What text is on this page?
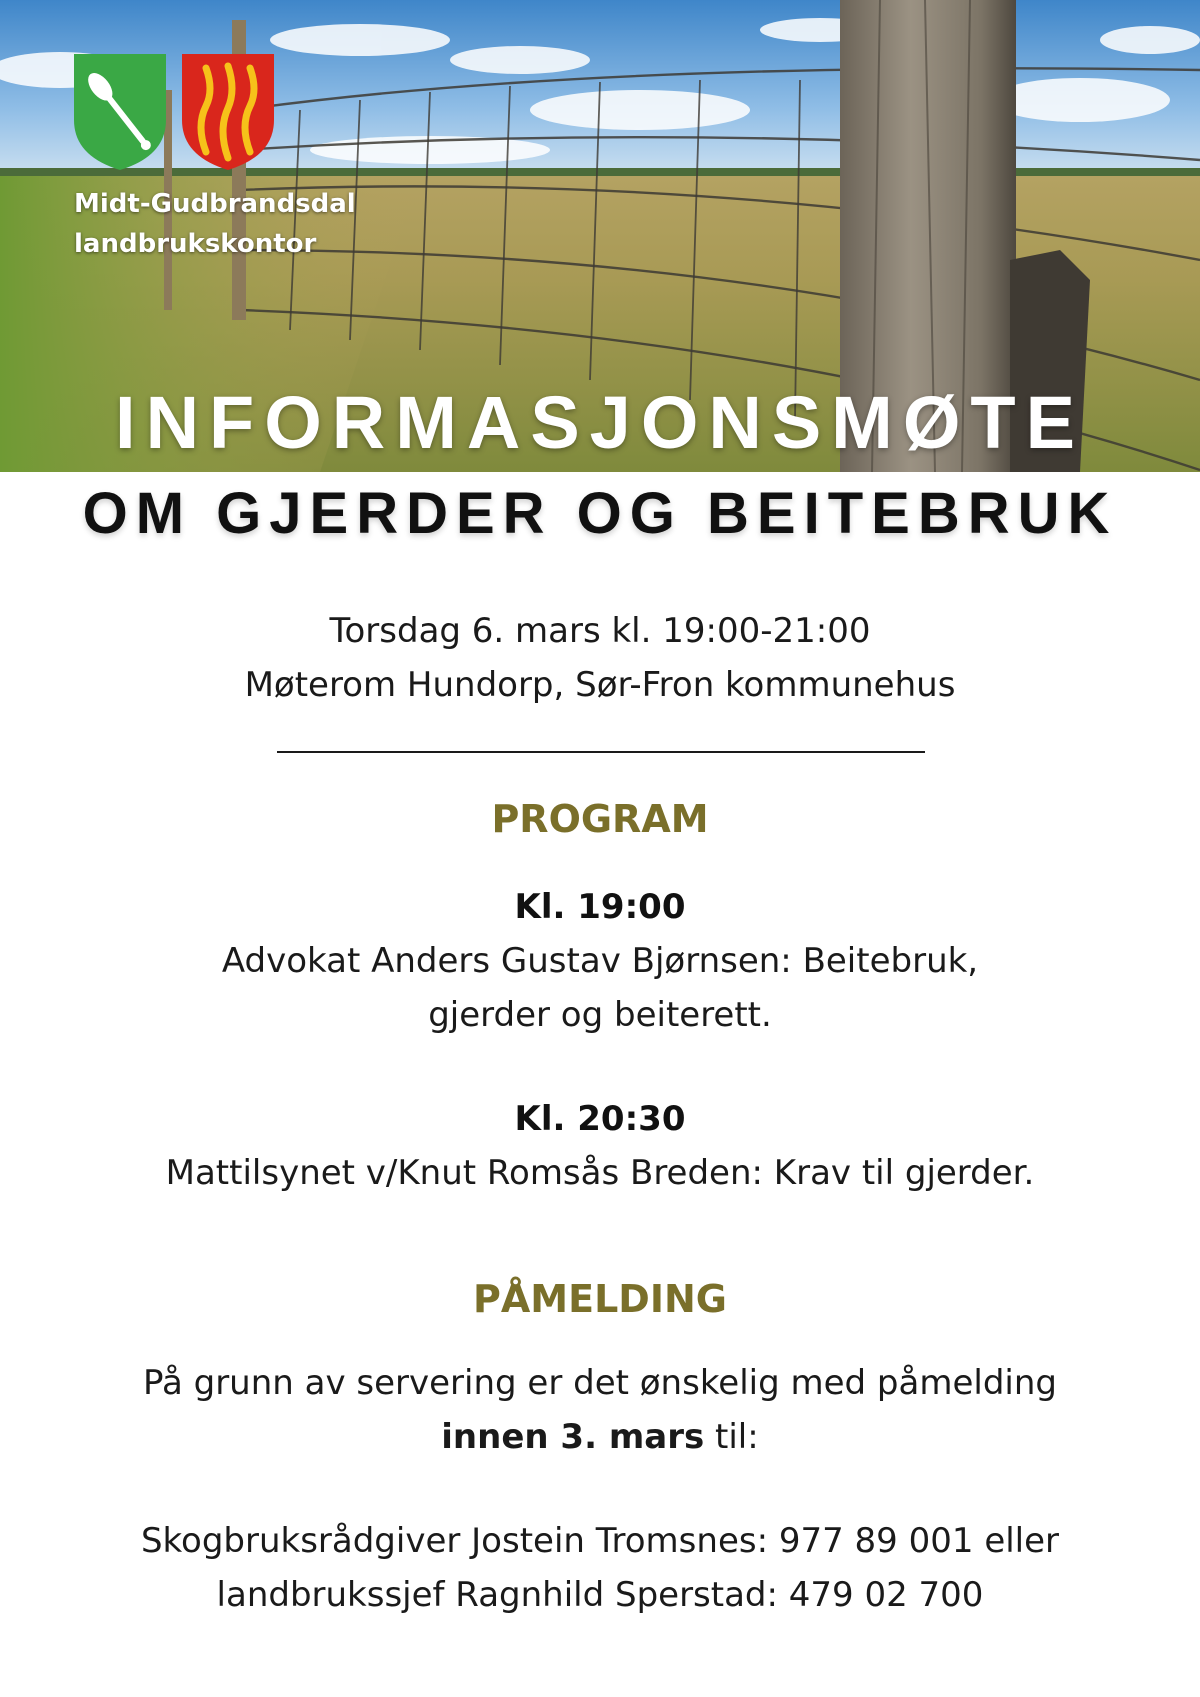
Midt-Gudbrandsdal
landbrukskontor
INFORMASJONSMØTE
OM GJERDER OG BEITEBRUK
Torsdag 6. mars kl. 19:00-21:00
Møterom Hundorp, Sør-Fron kommunehus
PROGRAM
Kl. 19:00
Advokat Anders Gustav Bjørnsen: Beitebruk,
gjerder og beiterett.
Kl. 20:30
Mattilsynet v/Knut Romsås Breden: Krav til gjerder.
PÅMELDING
På grunn av servering er det ønskelig med påmelding
innen 3. mars til:
Skogbruksrådgiver Jostein Tromsnes: 977 89 001 eller
landbrukssjef Ragnhild Sperstad: 479 02 700
